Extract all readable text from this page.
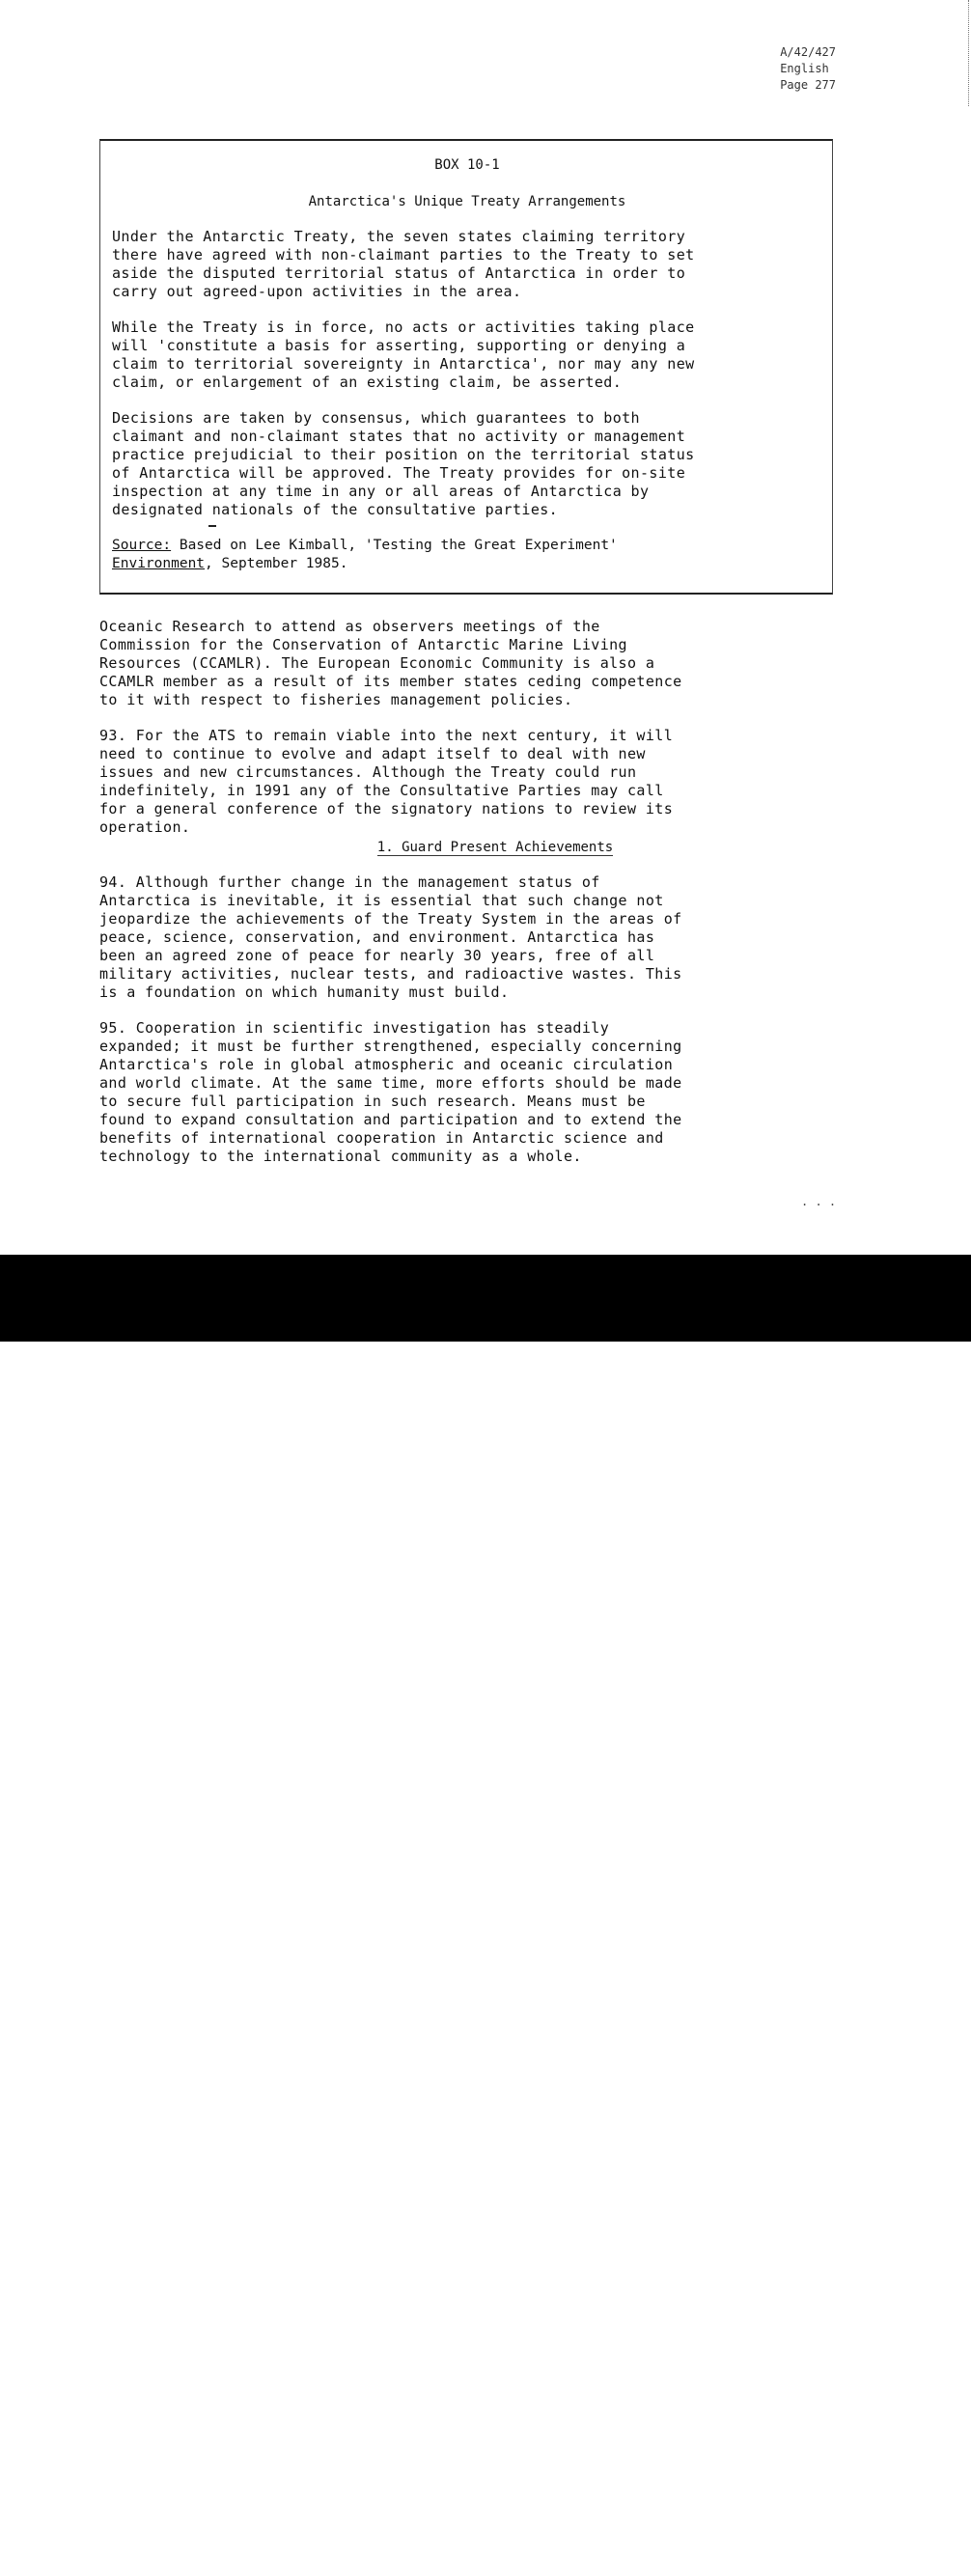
A/42/427
English
Page 277
BOX 10-1
Antarctica's Unique Treaty Arrangements
Under the Antarctic Treaty, the seven states claiming territory
there have agreed with non-claimant parties to the Treaty to set
aside the disputed territorial status of Antarctica in order to
carry out agreed-upon activities in the area.
While the Treaty is in force, no acts or activities taking place
will 'constitute a basis for asserting, supporting or denying a
claim to territorial sovereignty in Antarctica', nor may any new
claim, or enlargement of an existing claim, be asserted.
Decisions are taken by consensus, which guarantees to both
claimant and non-claimant states that no activity or management
practice prejudicial to their position on the territorial status
of Antarctica will be approved. The Treaty provides for on-site
inspection at any time in any or all areas of Antarctica by
designated nationals of the consultative parties.
Source: Based on Lee Kimball, 'Testing the Great Experiment'
Environment, September 1985.
Oceanic Research to attend as observers meetings of the
Commission for the Conservation of Antarctic Marine Living
Resources (CCAMLR). The European Economic Community is also a
CCAMLR member as a result of its member states ceding competence
to it with respect to fisheries management policies.
93. For the ATS to remain viable into the next century, it will
need to continue to evolve and adapt itself to deal with new
issues and new circumstances. Although the Treaty could run
indefinitely, in 1991 any of the Consultative Parties may call
for a general conference of the signatory nations to review its
operation.
1. Guard Present Achievements
94. Although further change in the management status of
Antarctica is inevitable, it is essential that such change not
jeopardize the achievements of the Treaty System in the areas of
peace, science, conservation, and environment. Antarctica has
been an agreed zone of peace for nearly 30 years, free of all
military activities, nuclear tests, and radioactive wastes. This
is a foundation on which humanity must build.
95. Cooperation in scientific investigation has steadily
expanded; it must be further strengthened, especially concerning
Antarctica's role in global atmospheric and oceanic circulation
and world climate. At the same time, more efforts should be made
to secure full participation in such research. Means must be
found to expand consultation and participation and to extend the
benefits of international cooperation in Antarctic science and
technology to the international community as a whole.
. . .
alamy	Image ID: P2D93J
www.alamy.com
